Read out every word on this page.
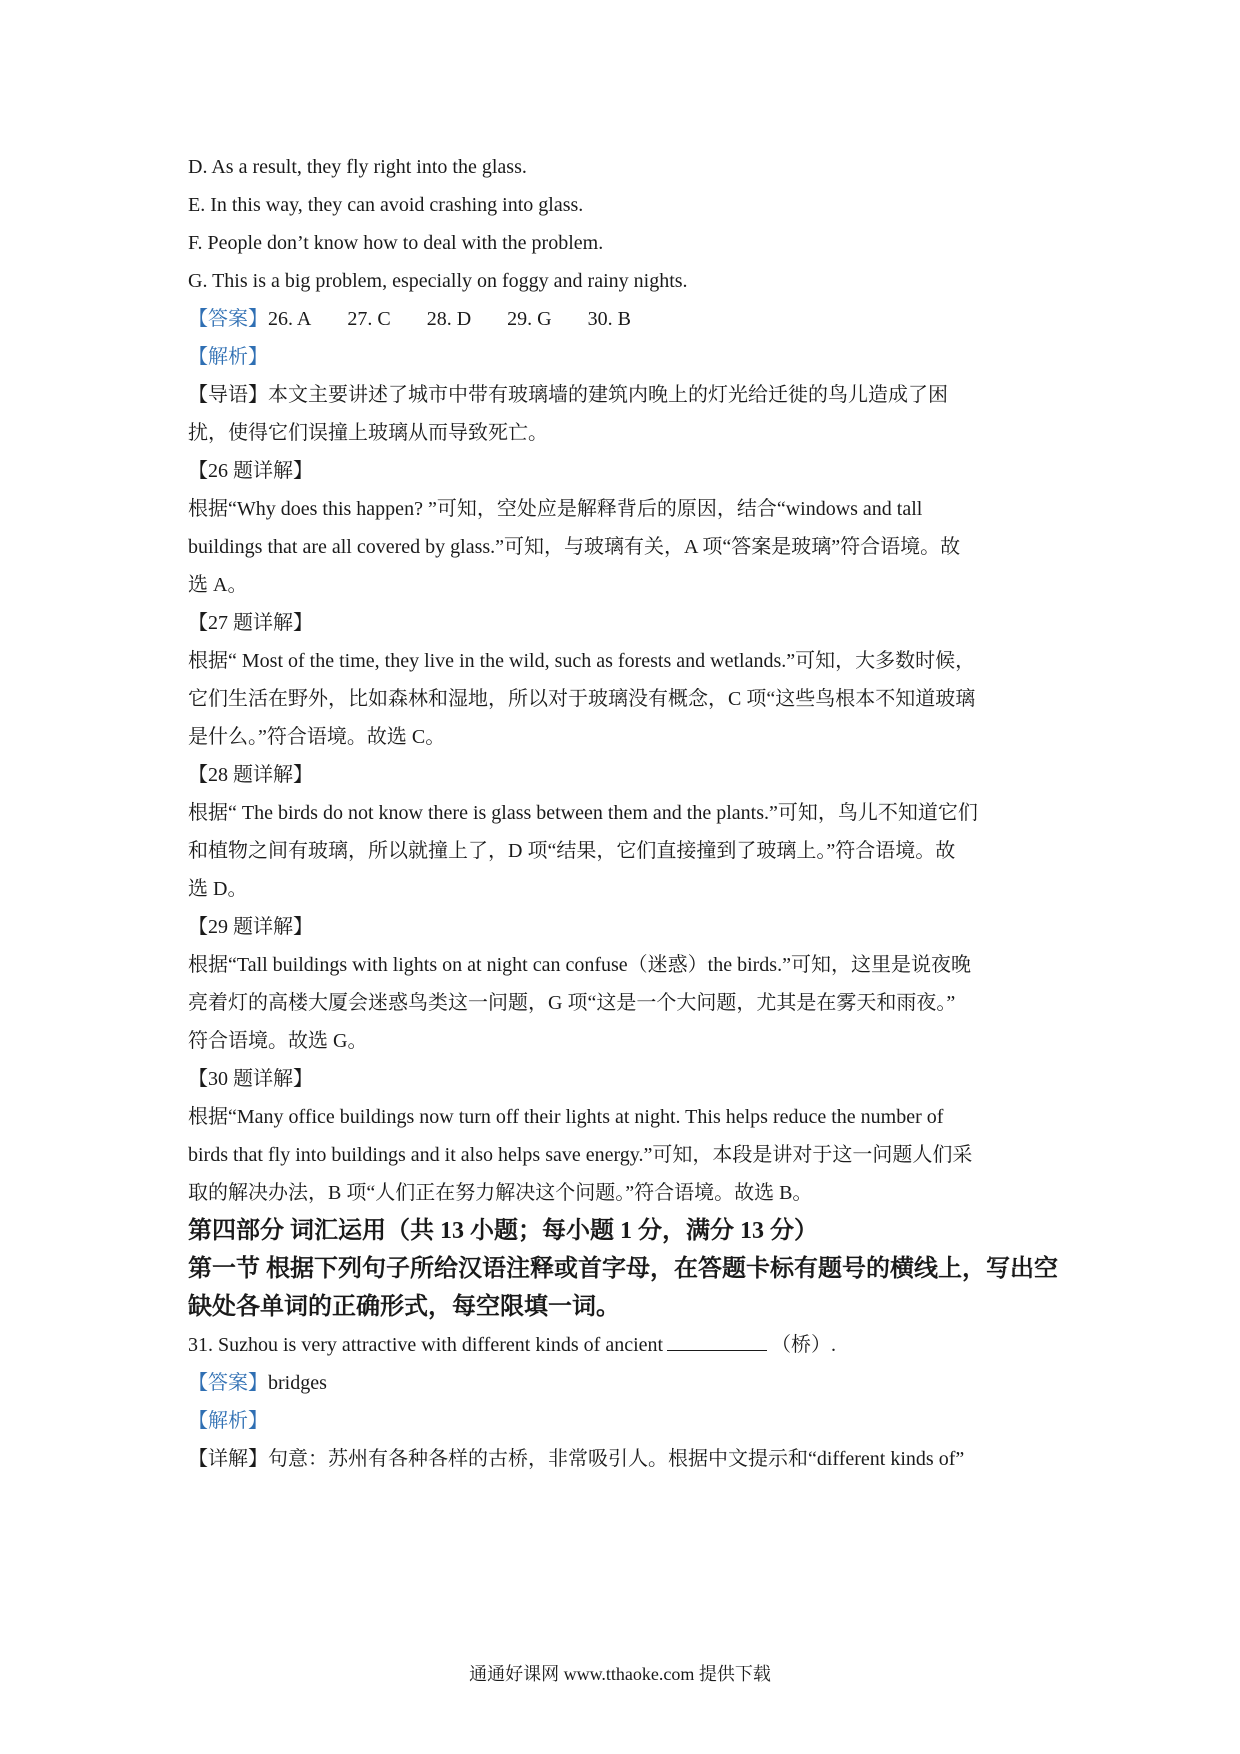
D. As a result, they fly right into the glass.
E. In this way, they can avoid crashing into glass.
F. People don’t know how to deal with the problem.
G. This is a big problem, especially on foggy and rainy nights.
【答案】26. A 27. C 28. D 29. G 30. B
【解析】
【导语】本文主要讲述了城市中带有玻璃墙的建筑内晚上的灯光给迁徙的鸟儿造成了困
扰，使得它们误撞上玻璃从而导致死亡。
【26 题详解】
根据“Why does this happen? ”可知，空处应是解释背后的原因，结合“windows and tall
buildings that are all covered by glass.”可知，与玻璃有关，A 项“答案是玻璃”符合语境。故
选 A。
【27 题详解】
根据“ Most of the time, they live in the wild, such as forests and wetlands.”可知，大多数时候，
它们生活在野外，比如森林和湿地，所以对于玻璃没有概念，C 项“这些鸟根本不知道玻璃
是什么。”符合语境。故选 C。
【28 题详解】
根据“ The birds do not know there is glass between them and the plants.”可知，鸟儿不知道它们
和植物之间有玻璃，所以就撞上了，D 项“结果，它们直接撞到了玻璃上。”符合语境。故
选 D。
【29 题详解】
根据“Tall buildings with lights on at night can confuse（迷惑）the birds.”可知，这里是说夜晚
亮着灯的高楼大厦会迷惑鸟类这一问题，G 项“这是一个大问题，尤其是在雾天和雨夜。”
符合语境。故选 G。
【30 题详解】
根据“Many office buildings now turn off their lights at night. This helps reduce the number of
birds that fly into buildings and it also helps save energy.”可知，本段是讲对于这一问题人们采
取的解决办法，B 项“人们正在努力解决这个问题。”符合语境。故选 B。
第四部分 词汇运用（共 13 小题；每小题 1 分，满分 13 分）
第一节 根据下列句子所给汉语注释或首字母，在答题卡标有题号的横线上，写出空缺处各单词的正确形式，每空限填一词。
31. Suzhou is very attractive with different kinds of ancient	（桥）.
【答案】bridges
【解析】
【详解】句意：苏州有各种各样的古桥，非常吸引人。根据中文提示和“different kinds of”
通通好课网 www.tthaoke.com 提供下载
